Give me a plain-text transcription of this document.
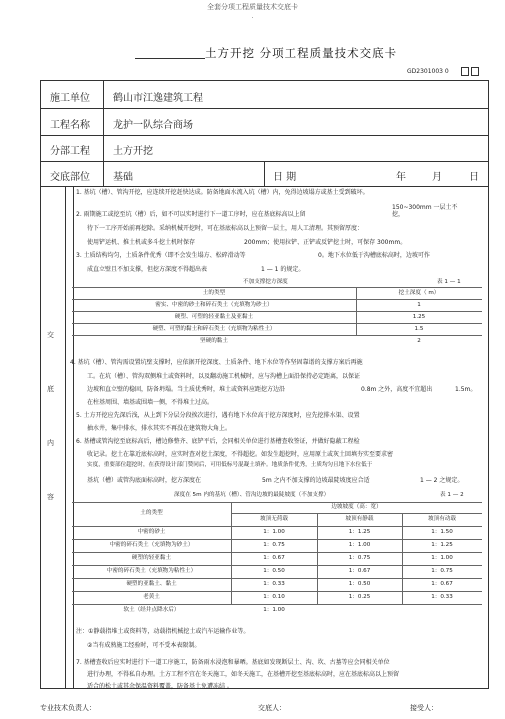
全套分项工程质量技术交底卡
.
土方开挖 分项工程质量技术交底卡
GD2301003 0
施工单位 鹤山市江逸建筑工程
工程名称 龙护一队综合商场
分部工程 土方开挖
交底部位 基础	日 期	年	月	日
交
底
内
容
1. 基坑（槽）、管沟开挖，应连续开挖赶快达成。防备地面水流入坑（槽）内，免得边坡塌方或基土受到破坏。
2. 雨期施工或挖至坑（槽）后，如不可以实时进行下一道工序时，应在基底标高以上留
150~300mm 一层土不
挖，
待下一工序开始前再挖除。采纳机械开挖时，可在基底标高以上预留一层土，用人工清理。其预留厚度：
使用铲运机、推土机或多斗挖土机时保存	200mm；使用拉铲、正铲或反铲挖土时，可保存 300mm。
3. 土质结构均匀，土质条件优秀（即不会发生塌方、松碎滑动等	0。地下水位低于沟槽底标高时，边坡可作
成直立壁且不加支撑，但挖方深度不得超出表	1 — 1 的规定。
不加支撑挖方深度	表 1 — 1
土的类型	挖土深度（ m）
密实、中密的砂土和碎石类土（充填物为砂土）	1
硬塑、可塑的轻亚黏土及亚黏土	1.25
硬塑、可塑的黏土和碎石类土（充填物为粘性土）	1.5
坚硬的黏土	2
4. 基坑（槽）、管沟需设置坑壁支撑时，应依据开挖深度、土质条件、地下水位等作坚固靠谱的支撑方案后再施
工。在坑（槽）、管沟双侧堆土或资料时，以及翻动施工机械时，应与沟槽上面沿保持必定距离，以保证
边坡和直立壁的稳固，防备坍塌。当土质优秀时，堆土或资料应距挖方边沿	0.8m 之外，高度不宜超出	1.5m。
在柱基周围、墙基或围墙一侧，不得堆土过高。
5. 土方开挖应先深后浅，从上到下分层分段挨次进行，遇有地下水位高于挖方深度时，应先挖排水渠、设置
抽水井，集中排水，排水其实不再没在建筑物大角上。
6. 基槽或管沟挖至底标高后，槽边修整齐、底铲平后，会同相关单位进行基槽查收签证，并做好隐蔽工程检
收记录。挖土在靠近底标高时，应实时查对挖土深度，不得超挖。如发生超挖时，应用原土或灰土回填夯实至要求密
实度，重要部位超挖时，在获得设计部门赞同后，可用低标号混凝土填补。地质条件优秀，土质均匀且地下水位低于
基坑（槽）或管沟底面标高时，挖方深度在	5m 之内不加支撑的边坡最陡坡度应合适	1 — 2 之规定。
深度在 5m 内的基坑（槽）、管沟边坡的最陡坡度（不加支撑）	表 1 — 2
土的类型
边坡坡度（高：宽）
坡顶无荷载	坡顶有静载	坡顶有动载
中密的砂土	1：1.00	1：1.25	1：1.50
中密的碎石类土（充填物为砂土）	1：0.75	1：1.00	1：1.25
硬塑的轻亚黏土	1：0.67	1：0.75	1：1.00
中密的碎石类土（充填物为粘性土）	1：0.50	1：0.67	1：0.75
硬塑的亚黏土、黏土	1：0.33	1：0.50	1：0.67
老黄土	1：0.10	1：0.25	1：0.33
软土（经井点降水后）	1：1.00
注：①静载指堆土或资料等，动载指机械挖土或汽车运输作业等。
②当有成熟施工经验时，可不受本表限制。
7. 基槽查收后应实时进行下一道工序施工，防备雨水浸泡和暴晒。基底如发现断层土、沟、坎、古墓等应会同相关单位
进行办理，不得私自办理。土方工程不宜在冬天施工，如冬天施工，在基槽开挖至基底标高时，应在基底标高以上预留
适合的松土或其余保温资料覆盖，防备基土免遭冻结 。
专业技术负责人：	交底人：	接受人：
